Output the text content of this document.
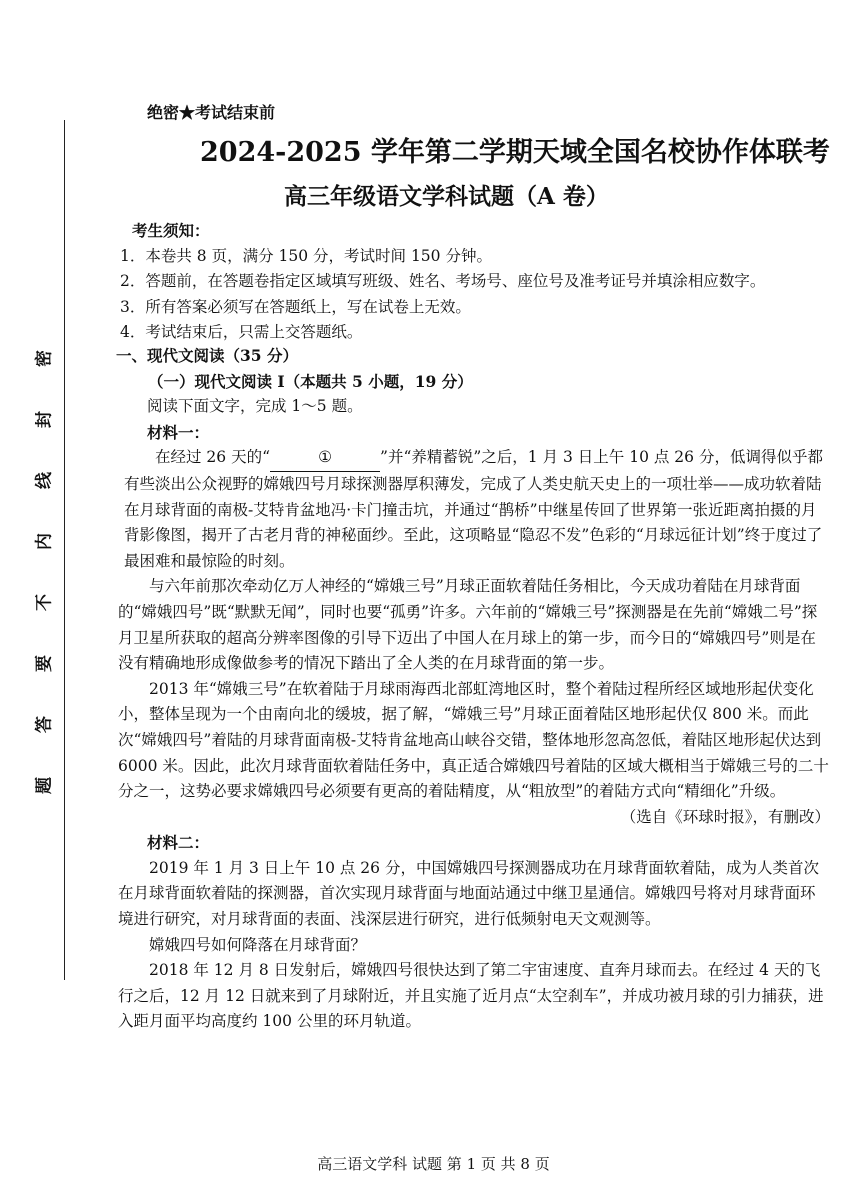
题答要不内线封密
绝密★考试结束前
2024-2025 学年第二学期天域全国名校协作体联考
高三年级语文学科试题（A 卷）

考生须知：

1．本卷共 8 页，满分 150 分，考试时间 150 分钟。

2．答题前，在答题卷指定区域填写班级、姓名、考场号、座位号及准考证号并填涂相应数字。

3．所有答案必须写在答题纸上，写在试卷上无效。

4．考试结束后，只需上交答题纸。

一、现代文阅读（35 分）

（一）现代文阅读 I（本题共 5 小题，19 分）

阅读下面文字，完成 1～5 题。

材料一：

在经过 26 天的“	①	”并“养精蓄锐”之后，1 月 3 日上午 10 点 26 分，低调得似乎都有些淡出公众视野的嫦娥四号月球探测器厚积薄发，完成了人类史航天史上的一项壮举——成功软着陆在月球背面的南极-艾特肯盆地冯·卡门撞击坑，并通过“鹊桥”中继星传回了世界第一张近距离拍摄的月背影像图，揭开了古老月背的神秘面纱。至此，这项略显“隐忍不发”色彩的“月球远征计划”终于度过了最困难和最惊险的时刻。

与六年前那次牵动亿万人神经的“嫦娥三号”月球正面软着陆任务相比，今天成功着陆在月球背面的“嫦娥四号”既“默默无闻”，同时也要“孤勇”许多。六年前的“嫦娥三号”探测器是在先前“嫦娥二号”探月卫星所获取的超高分辨率图像的引导下迈出了中国人在月球上的第一步，而今日的“嫦娥四号”则是在没有精确地形成像做参考的情况下踏出了全人类的在月球背面的第一步。

2013 年“嫦娥三号”在软着陆于月球雨海西北部虹湾地区时，整个着陆过程所经区域地形起伏变化小，整体呈现为一个由南向北的缓坡，据了解，“嫦娥三号”月球正面着陆区地形起伏仅 800 米。而此次“嫦娥四号”着陆的月球背面南极-艾特肯盆地高山峡谷交错，整体地形忽高忽低，着陆区地形起伏达到 6000 米。因此，此次月球背面软着陆任务中，真正适合嫦娥四号着陆的区域大概相当于嫦娥三号的二十分之一，这势必要求嫦娥四号必须要有更高的着陆精度，从“粗放型”的着陆方式向“精细化”升级。

（选自《环球时报》，有删改）

材料二：

2019 年 1 月 3 日上午 10 点 26 分，中国嫦娥四号探测器成功在月球背面软着陆，成为人类首次在月球背面软着陆的探测器，首次实现月球背面与地面站通过中继卫星通信。嫦娥四号将对月球背面环境进行研究，对月球背面的表面、浅深层进行研究，进行低频射电天文观测等。

嫦娥四号如何降落在月球背面？

2018 年 12 月 8 日发射后，嫦娥四号很快达到了第二宇宙速度、直奔月球而去。在经过 4 天的飞行之后，12 月 12 日就来到了月球附近，并且实施了近月点“太空刹车”，并成功被月球的引力捕获，进入距月面平均高度约 100 公里的环月轨道。

高三语文学科 试题 第 1 页 共 8 页
